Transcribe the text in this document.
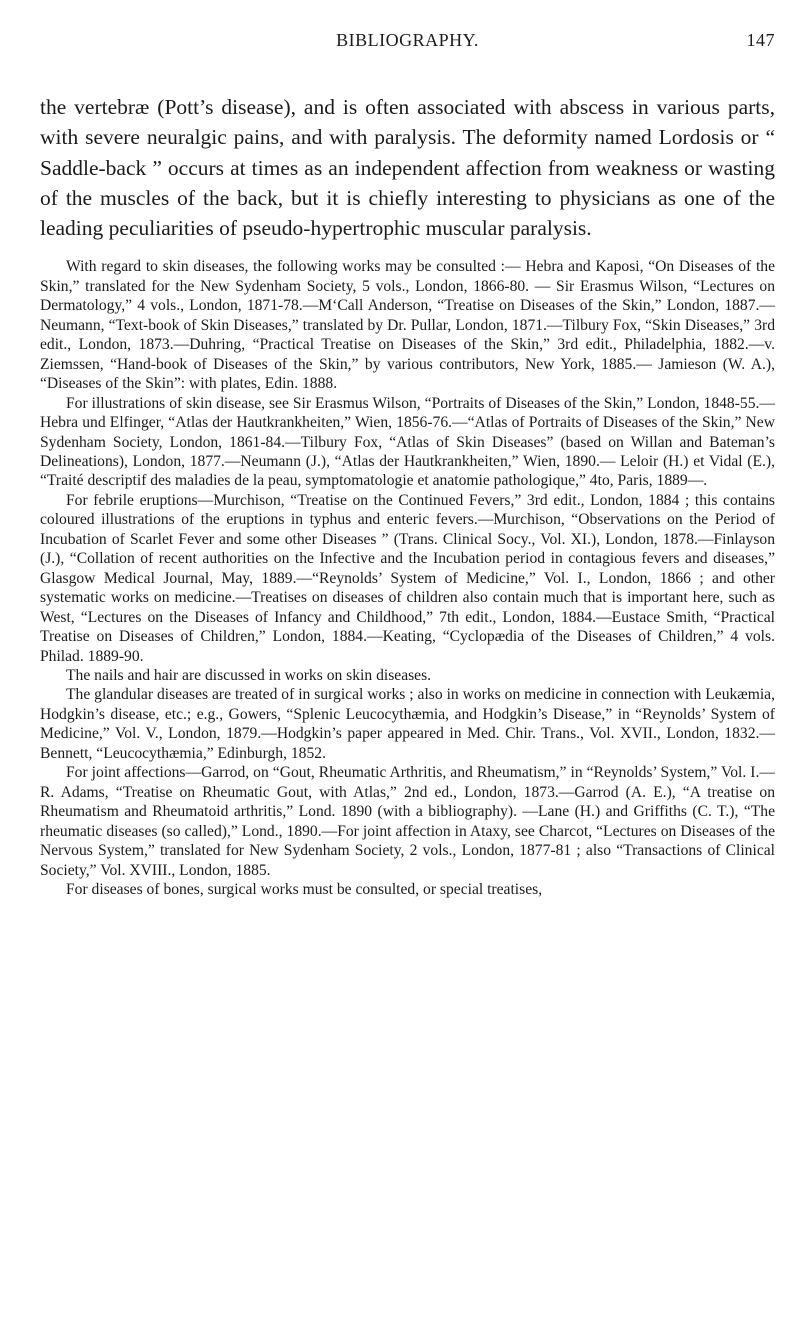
BIBLIOGRAPHY.	147

the vertebræ (Pott’s disease), and is often associated with abscess in various parts, with severe neuralgic pains, and with paralysis. The deformity named Lordosis or “ Saddle-back ” occurs at times as an independent affection from weakness or wasting of the muscles of the back, but it is chiefly interesting to physicians as one of the leading peculiarities of pseudo-hypertrophic muscular paralysis.

With regard to skin diseases, the following works may be consulted :— Hebra and Kaposi, “On Diseases of the Skin,” translated for the New Sydenham Society, 5 vols., London, 1866-80. — Sir Erasmus Wilson, “Lectures on Dermatology,” 4 vols., London, 1871-78.—M‘Call Anderson, “Treatise on Diseases of the Skin,” London, 1887.—Neumann, “Text-book of Skin Diseases,” translated by Dr. Pullar, London, 1871.—Tilbury Fox, “Skin Diseases,” 3rd edit., London, 1873.—Duhring, “Practical Treatise on Diseases of the Skin,” 3rd edit., Philadelphia, 1882.—v. Ziemssen, “Hand-book of Diseases of the Skin,” by various contributors, New York, 1885.— Jamieson (W. A.), “Diseases of the Skin”: with plates, Edin. 1888.

For illustrations of skin disease, see Sir Erasmus Wilson, “Portraits of Diseases of the Skin,” London, 1848-55.—Hebra und Elfinger, “Atlas der Hautkrankheiten,” Wien, 1856-76.—“Atlas of Portraits of Diseases of the Skin,” New Sydenham Society, London, 1861-84.—Tilbury Fox, “Atlas of Skin Diseases” (based on Willan and Bateman’s Delineations), London, 1877.—Neumann (J.), “Atlas der Hautkrankheiten,” Wien, 1890.— Leloir (H.) et Vidal (E.), “Traité descriptif des maladies de la peau, symptomatologie et anatomie pathologique,” 4to, Paris, 1889—.

For febrile eruptions—Murchison, “Treatise on the Continued Fevers,” 3rd edit., London, 1884 ; this contains coloured illustrations of the eruptions in typhus and enteric fevers.—Murchison, “Observations on the Period of Incubation of Scarlet Fever and some other Diseases ” (Trans. Clinical Socy., Vol. XI.), London, 1878.—Finlayson (J.), “Collation of recent authorities on the Infective and the Incubation period in contagious fevers and diseases,” Glasgow Medical Journal, May, 1889.—“Reynolds’ System of Medicine,” Vol. I., London, 1866 ; and other systematic works on medicine.—Treatises on diseases of children also contain much that is important here, such as West, “Lectures on the Diseases of Infancy and Childhood,” 7th edit., London, 1884.—Eustace Smith, “Practical Treatise on Diseases of Children,” London, 1884.—Keating, “Cyclopædia of the Diseases of Children,” 4 vols. Philad. 1889-90.

The nails and hair are discussed in works on skin diseases.

The glandular diseases are treated of in surgical works ; also in works on medicine in connection with Leukæmia, Hodgkin’s disease, etc.; e.g., Gowers, “Splenic Leucocythæmia, and Hodgkin’s Disease,” in “Reynolds’ System of Medicine,” Vol. V., London, 1879.—Hodgkin’s paper appeared in Med. Chir. Trans., Vol. XVII., London, 1832.—Bennett, “Leucocythæmia,” Edinburgh, 1852.

For joint affections—Garrod, on “Gout, Rheumatic Arthritis, and Rheumatism,” in “Reynolds’ System,” Vol. I.—R. Adams, “Treatise on Rheumatic Gout, with Atlas,” 2nd ed., London, 1873.—Garrod (A. E.), “A treatise on Rheumatism and Rheumatoid arthritis,” Lond. 1890 (with a bibliography). —Lane (H.) and Griffiths (C. T.), “The rheumatic diseases (so called),” Lond., 1890.—For joint affection in Ataxy, see Charcot, “Lectures on Diseases of the Nervous System,” translated for New Sydenham Society, 2 vols., London, 1877-81 ; also “Transactions of Clinical Society,” Vol. XVIII., London, 1885.

For diseases of bones, surgical works must be consulted, or special treatises,
